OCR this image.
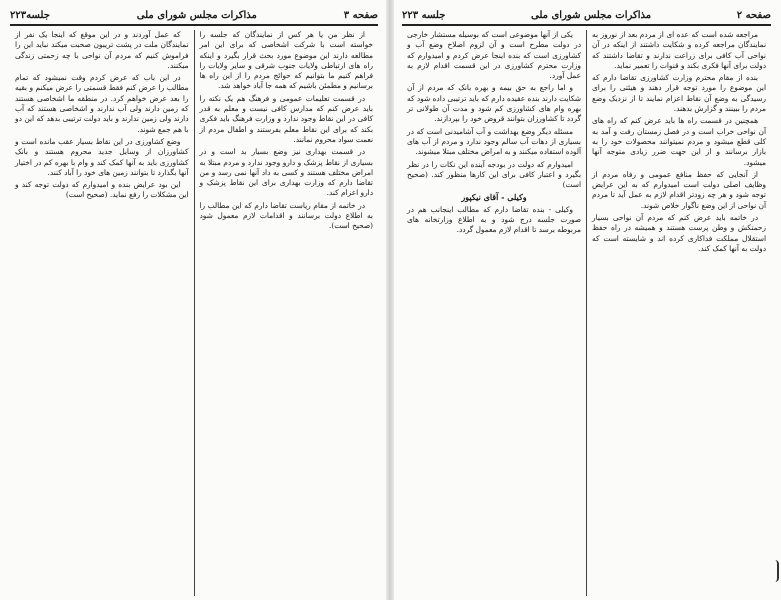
صفحه ۳
مذاکرات مجلس شورای ملی
جلسه۲۲۳

از نظر من یا هر کس از نمایندگان که جلسه را خواسته است با شرکت اشخاصی که برای این امر مطالعه دارند این موضوع مورد بحث قرار بگیرد و اینکه راه های ارتباطی ولایات جنوب شرقی و سایر ولایات را فراهم کنیم ما بتوانیم که حوائج مردم را از این راه ها برسانیم و مطمئن باشیم که همه جا آباد خواهد شد.

در قسمت تعلیمات عمومی و فرهنگ هم یک نکته را باید عرض کنم که مدارس کافی نیست و معلم به قدر کافی در این نقاط وجود ندارد و وزارت فرهنگ باید فکری بکند که برای این نقاط معلم بفرستند و اطفال مردم از نعمت سواد محروم نمانند.

در قسمت بهداری نیز وضع بسیار بد است و در بسیاری از نقاط پزشک و دارو وجود ندارد و مردم مبتلا به امراض مختلف هستند و کسی به داد آنها نمی رسد و من تقاضا دارم که وزارت بهداری برای این نقاط پزشک و دارو اعزام کند.

در خاتمه از مقام ریاست تقاضا دارم که این مطالب را به اطلاع دولت برسانند و اقدامات لازم معمول شود (صحیح است).

که عمل آوردند و در این موقع که اینجا یک نفر از نمایندگان ملت در پشت تریبون صحبت میکند نباید این را فراموش کنیم که مردم آن نواحی با چه زحمتی زندگی میکنند.

در این باب که عرض کردم وقت نمیشود که تمام مطالب را عرض کنم فقط قسمتی را عرض میکنم و بقیه را بعد عرض خواهم کرد. در منطقه ما اشخاصی هستند که زمین دارند ولی آب ندارند و اشخاصی هستند که آب دارند ولی زمین ندارند و باید دولت ترتیبی بدهد که این دو با هم جمع شوند.

وضع کشاورزی در این نقاط بسیار عقب مانده است و کشاورزان از وسایل جدید محروم هستند و بانک کشاورزی باید به آنها کمک کند و وام با بهره کم در اختیار آنها بگذارد تا بتوانند زمین های خود را آباد کنند.

این بود عرایض بنده و امیدوارم که دولت توجه کند و این مشکلات را رفع نماید. (صحیح است)

صفحه ۲
مذاکرات مجلس شورای ملی
جلسه ۲۲۳

مراجعه شده است که عده ای از مردم بعد از نوروز به نمایندگان مراجعه کرده و شکایت داشتند از اینکه در آن نواحی آب کافی برای زراعت ندارند و تقاضا داشتند که دولت برای آنها فکری بکند و قنوات را تعمیر نماید.

بنده از مقام محترم وزارت کشاورزی تقاضا دارم که این موضوع را مورد توجه قرار دهند و هیئتی را برای رسیدگی به وضع آن نقاط اعزام نمایند تا از نزدیک وضع مردم را ببینند و گزارش بدهند.

همچنین در قسمت راه ها باید عرض کنم که راه های آن نواحی خراب است و در فصل زمستان رفت و آمد به کلی قطع میشود و مردم نمیتوانند محصولات خود را به بازار برسانند و از این جهت ضرر زیادی متوجه آنها میشود.

از آنجایی که حفظ منافع عمومی و رفاه مردم از وظایف اصلی دولت است امیدوارم که به این عرایض توجه شود و هر چه زودتر اقدام لازم به عمل آید تا مردم آن نواحی از این وضع ناگوار خلاص شوند.

در خاتمه باید عرض کنم که مردم آن نواحی بسیار زحمتکش و وطن پرست هستند و همیشه در راه حفظ استقلال مملکت فداکاری کرده اند و شایسته است که دولت به آنها کمک کند.

یکی از آنها موضوعی است که بوسیله مستشار خارجی در دولت مطرح است و آن لزوم اصلاح وضع آب و کشاورزی است که بنده اینجا عرض کردم و امیدوارم که وزارت محترم کشاورزی در این قسمت اقدام لازم به عمل آورد.

و اما راجع به حق بیمه و بهره بانک که مردم از آن شکایت دارند بنده عقیده دارم که باید ترتیبی داده شود که بهره وام های کشاورزی کم شود و مدت آن طولانی تر گردد تا کشاورزان بتوانند قروض خود را بپردازند.

مسئله دیگر وضع بهداشت و آب آشامیدنی است که در بسیاری از دهات آب سالم وجود ندارد و مردم از آب های آلوده استفاده میکنند و به امراض مختلف مبتلا میشوند.

امیدوارم که دولت در بودجه آینده این نکات را در نظر بگیرد و اعتبار کافی برای این کارها منظور کند. (صحیح است)

وکیلی - آقای نیکپور

وکیلی - بنده تقاضا دارم که مطالب اینجانب هم در صورت جلسه درج شود و به اطلاع وزارتخانه های مربوطه برسد تا اقدام لازم معمول گردد.
